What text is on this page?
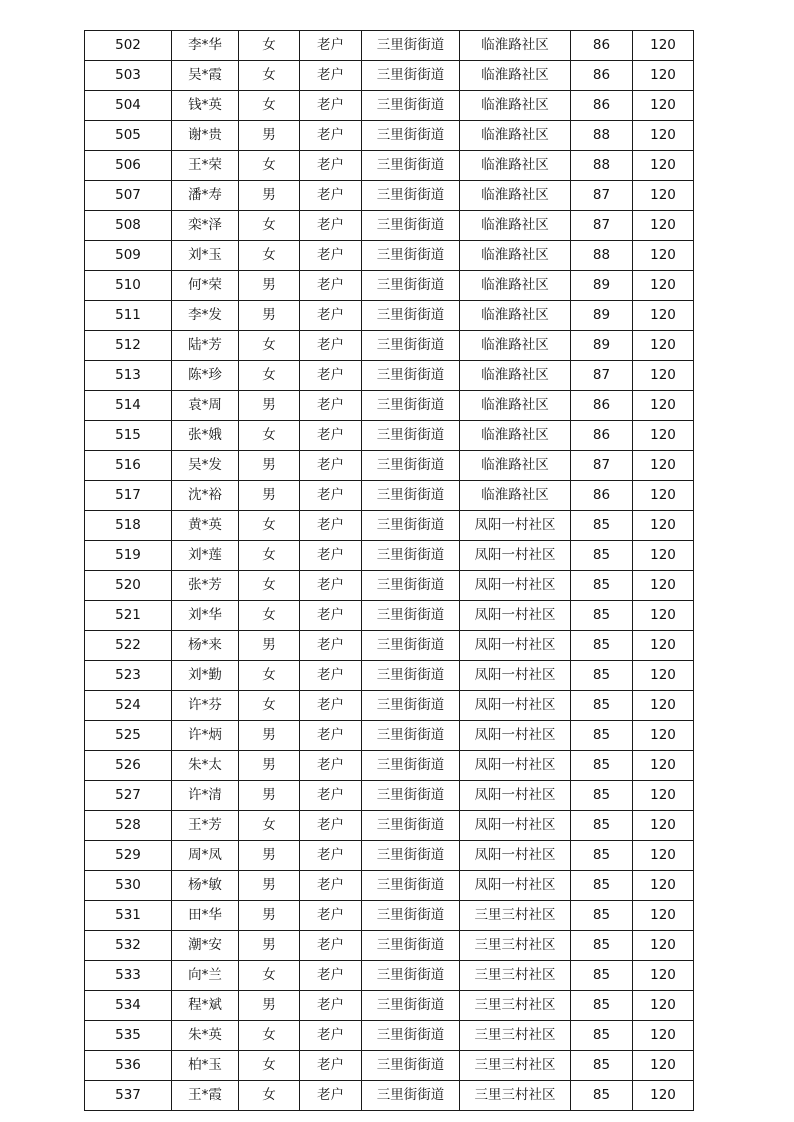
502	李*华	女	老户	三里街街道	临淮路社区	86	120
503	吴*霞	女	老户	三里街街道	临淮路社区	86	120
504	钱*英	女	老户	三里街街道	临淮路社区	86	120
505	谢*贵	男	老户	三里街街道	临淮路社区	88	120
506	王*荣	女	老户	三里街街道	临淮路社区	88	120
507	潘*寿	男	老户	三里街街道	临淮路社区	87	120
508	栾*泽	女	老户	三里街街道	临淮路社区	87	120
509	刘*玉	女	老户	三里街街道	临淮路社区	88	120
510	何*荣	男	老户	三里街街道	临淮路社区	89	120
511	李*发	男	老户	三里街街道	临淮路社区	89	120
512	陆*芳	女	老户	三里街街道	临淮路社区	89	120
513	陈*珍	女	老户	三里街街道	临淮路社区	87	120
514	袁*周	男	老户	三里街街道	临淮路社区	86	120
515	张*娥	女	老户	三里街街道	临淮路社区	86	120
516	吴*发	男	老户	三里街街道	临淮路社区	87	120
517	沈*裕	男	老户	三里街街道	临淮路社区	86	120
518	黄*英	女	老户	三里街街道	凤阳一村社区	85	120
519	刘*莲	女	老户	三里街街道	凤阳一村社区	85	120
520	张*芳	女	老户	三里街街道	凤阳一村社区	85	120
521	刘*华	女	老户	三里街街道	凤阳一村社区	85	120
522	杨*来	男	老户	三里街街道	凤阳一村社区	85	120
523	刘*勤	女	老户	三里街街道	凤阳一村社区	85	120
524	许*芬	女	老户	三里街街道	凤阳一村社区	85	120
525	许*炳	男	老户	三里街街道	凤阳一村社区	85	120
526	朱*太	男	老户	三里街街道	凤阳一村社区	85	120
527	许*清	男	老户	三里街街道	凤阳一村社区	85	120
528	王*芳	女	老户	三里街街道	凤阳一村社区	85	120
529	周*凤	男	老户	三里街街道	凤阳一村社区	85	120
530	杨*敏	男	老户	三里街街道	凤阳一村社区	85	120
531	田*华	男	老户	三里街街道	三里三村社区	85	120
532	潮*安	男	老户	三里街街道	三里三村社区	85	120
533	向*兰	女	老户	三里街街道	三里三村社区	85	120
534	程*斌	男	老户	三里街街道	三里三村社区	85	120
535	朱*英	女	老户	三里街街道	三里三村社区	85	120
536	柏*玉	女	老户	三里街街道	三里三村社区	85	120
537	王*霞	女	老户	三里街街道	三里三村社区	85	120
